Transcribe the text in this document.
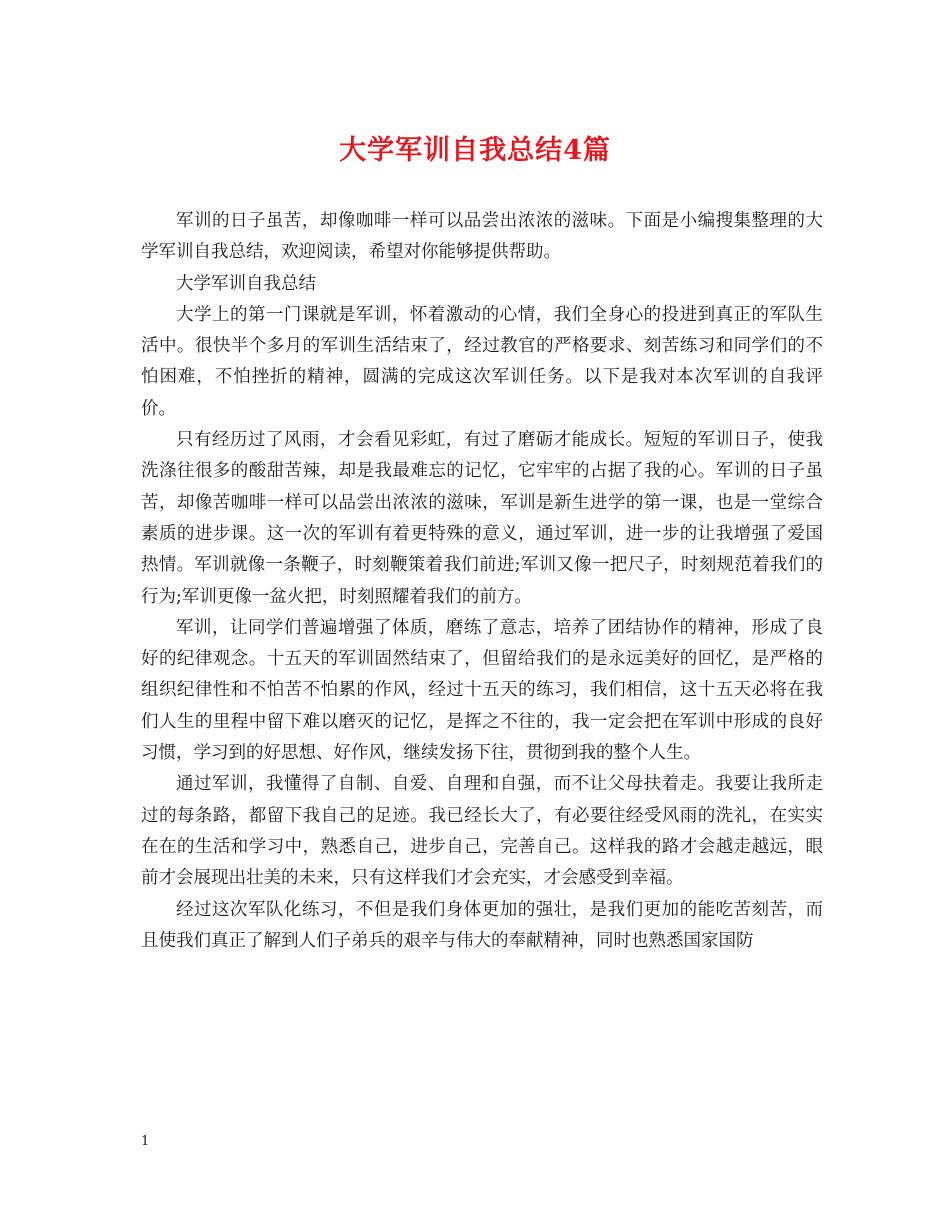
大学军训自我总结4篇

军训的日子虽苦，却像咖啡一样可以品尝出浓浓的滋味。下面是小编搜集整理的大学军训自我总结，欢迎阅读，希望对你能够提供帮助。

大学军训自我总结

大学上的第一门课就是军训，怀着激动的心情，我们全身心的投进到真正的军队生活中。很快半个多月的军训生活结束了，经过教官的严格要求、刻苦练习和同学们的不怕困难，不怕挫折的精神，圆满的完成这次军训任务。以下是我对本次军训的自我评价。

只有经历过了风雨，才会看见彩虹，有过了磨砺才能成长。短短的军训日子，使我洗涤往很多的酸甜苦辣，却是我最难忘的记忆，它牢牢的占据了我的心。军训的日子虽苦，却像苦咖啡一样可以品尝出浓浓的滋味，军训是新生进学的第一课，也是一堂综合素质的进步课。这一次的军训有着更特殊的意义，通过军训，进一步的让我增强了爱国热情。军训就像一条鞭子，时刻鞭策着我们前进;军训又像一把尺子，时刻规范着我们的行为;军训更像一盆火把，时刻照耀着我们的前方。

军训，让同学们普遍增强了体质，磨练了意志，培养了团结协作的精神，形成了良好的纪律观念。十五天的军训固然结束了，但留给我们的是永远美好的回忆，是严格的组织纪律性和不怕苦不怕累的作风，经过十五天的练习，我们相信，这十五天必将在我们人生的里程中留下难以磨灭的记忆，是挥之不往的，我一定会把在军训中形成的良好习惯，学习到的好思想、好作风，继续发扬下往，贯彻到我的整个人生。

通过军训，我懂得了自制、自爱、自理和自强，而不让父母扶着走。我要让我所走过的每条路，都留下我自己的足迹。我已经长大了，有必要往经受风雨的洗礼，在实实在在的生活和学习中，熟悉自己，进步自己，完善自己。这样我的路才会越走越远，眼前才会展现出壮美的未来，只有这样我们才会充实，才会感受到幸福。

经过这次军队化练习，不但是我们身体更加的强壮，是我们更加的能吃苦刻苦，而且使我们真正了解到人们子弟兵的艰辛与伟大的奉献精神，同时也熟悉国家国防

1
